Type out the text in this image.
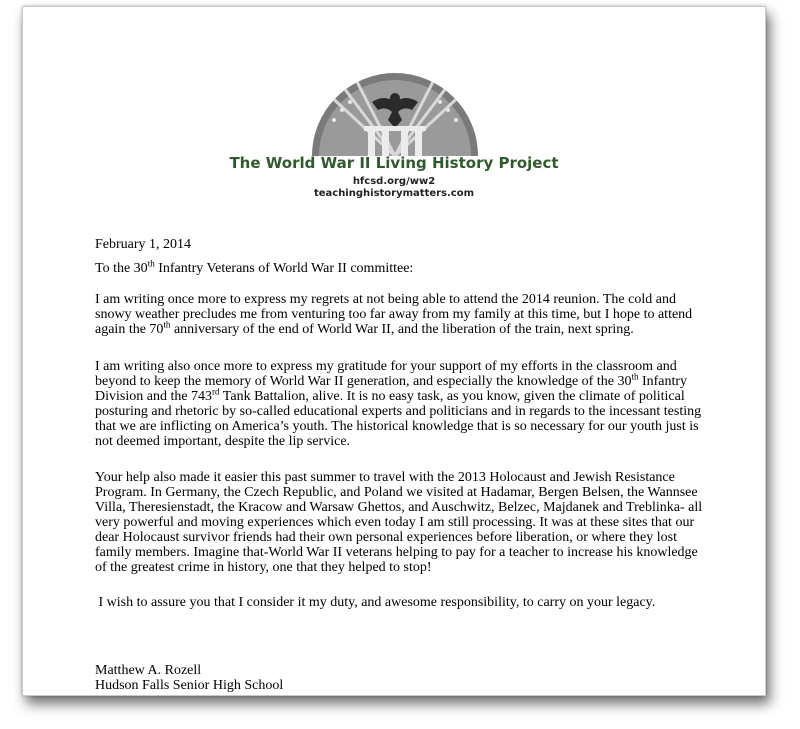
The World War II Living History Project

hfcsd.org/ww2

teachinghistorymatters.com

February 1, 2014

To the 30th Infantry Veterans of World War II committee:

I am writing once more to express my regrets at not being able to attend the 2014 reunion. The cold and snowy weather precludes me from venturing too far away from my family at this time, but I hope to attend again the 70th anniversary of the end of World War II, and the liberation of the train, next spring.

I am writing also once more to express my gratitude for your support of my efforts in the classroom and beyond to keep the memory of World War II generation, and especially the knowledge of the 30th Infantry Division and the 743rd Tank Battalion, alive. It is no easy task, as you know, given the climate of political posturing and rhetoric by so-called educational experts and politicians and in regards to the incessant testing that we are inflicting on America’s youth. The historical knowledge that is so necessary for our youth just is not deemed important, despite the lip service.

Your help also made it easier this past summer to travel with the 2013 Holocaust and Jewish Resistance Program. In Germany, the Czech Republic, and Poland we visited at Hadamar, Bergen Belsen, the Wannsee Villa, Theresienstadt, the Kracow and Warsaw Ghettos, and Auschwitz, Belzec, Majdanek and Treblinka- all very powerful and moving experiences which even today I am still processing. It was at these sites that our dear Holocaust survivor friends had their own personal experiences before liberation, or where they lost family members. Imagine that-World War II veterans helping to pay for a teacher to increase his knowledge of the greatest crime in history, one that they helped to stop!

I wish to assure you that I consider it my duty, and awesome responsibility, to carry on your legacy.

Matthew A. Rozell

Hudson Falls Senior High School
